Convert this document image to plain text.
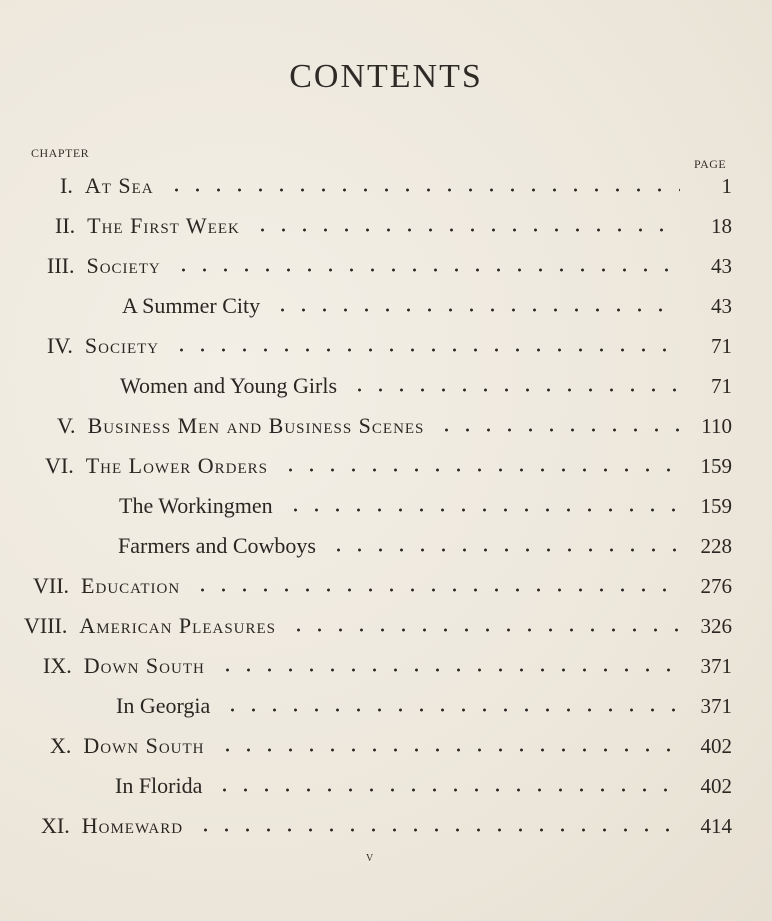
CONTENTS
CHAPTER
PAGE
I. At Sea	1
II. The First Week	18
III. Society	43
A Summer City	43
IV. Society	71
Women and Young Girls	71
V. Business Men and Business Scenes	110
VI. The Lower Orders	159
The Workingmen	159
Farmers and Cowboys	228
VII. Education	276
VIII. American Pleasures	326
IX. Down South	371
In Georgia	371
X. Down South	402
In Florida	402
XI. Homeward	414
v
